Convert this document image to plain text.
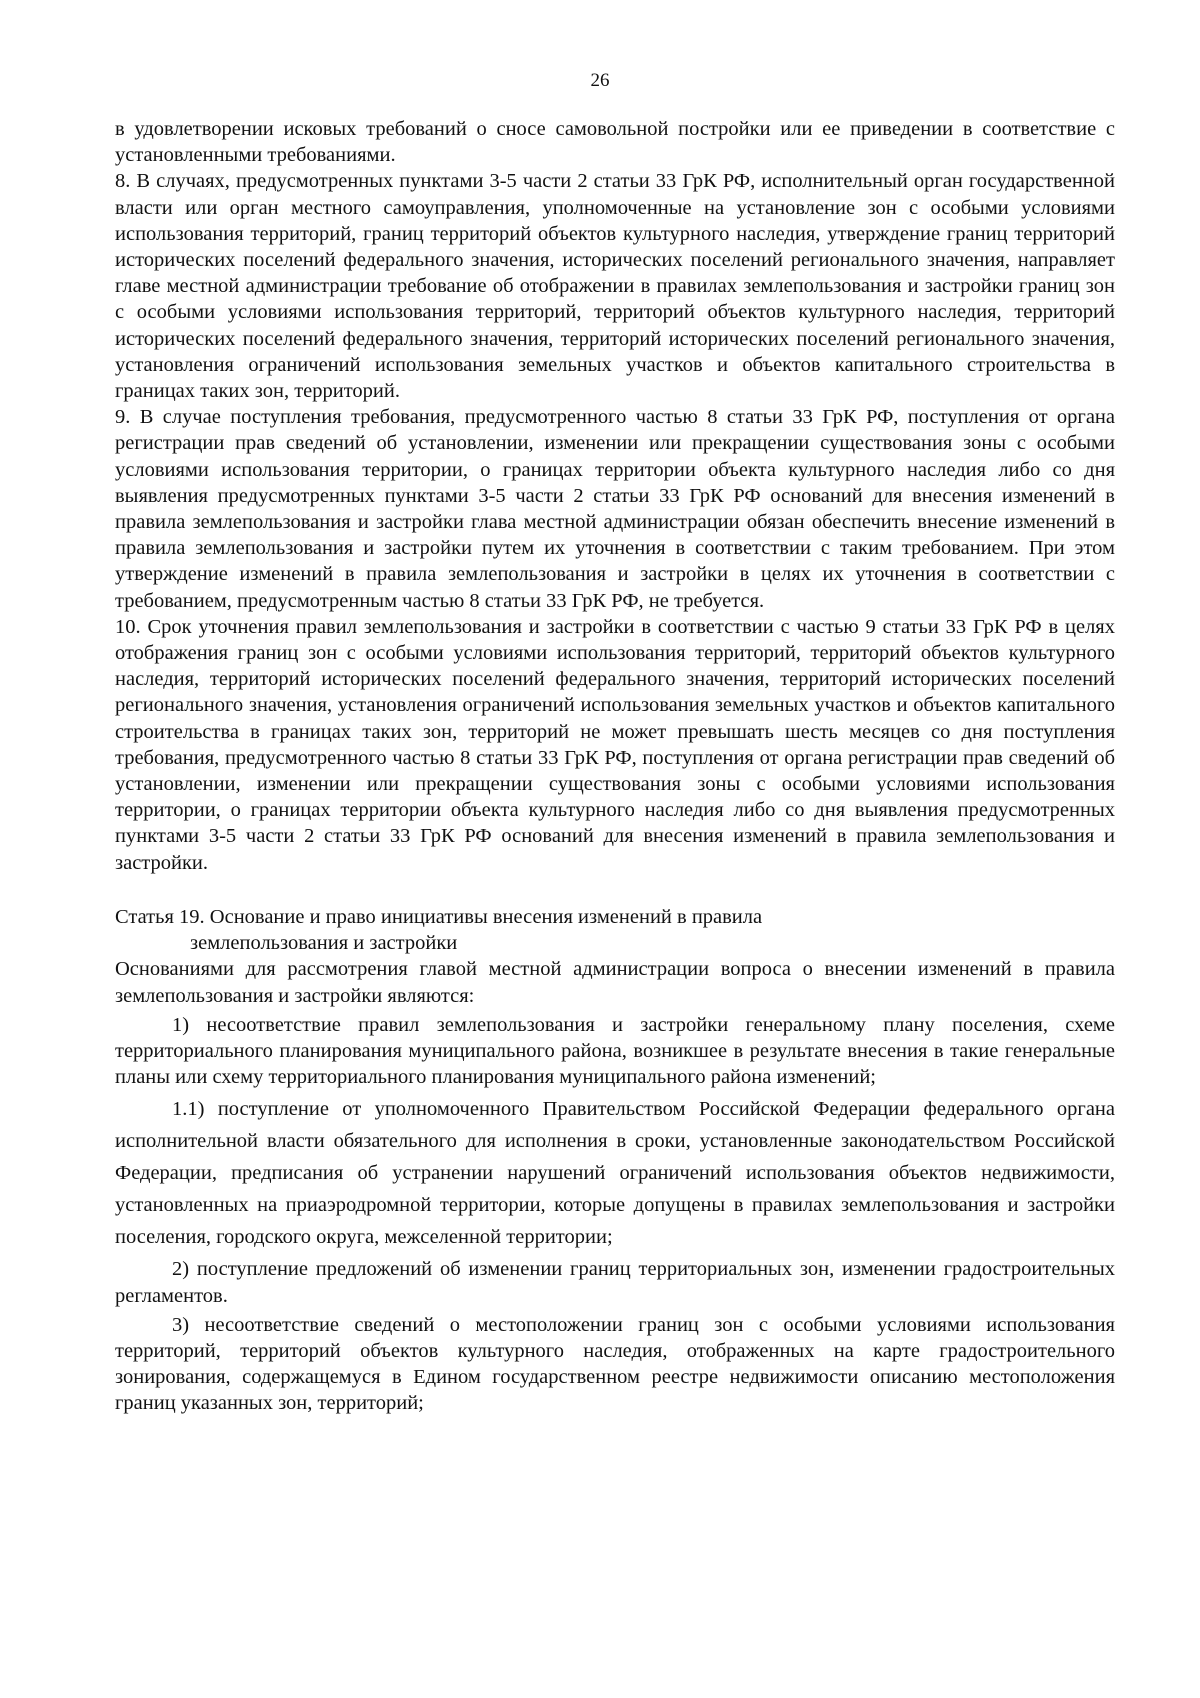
26

в удовлетворении исковых требований о сносе самовольной постройки или ее приведении в соответствие с установленными требованиями.

8. В случаях, предусмотренных пунктами 3-5 части 2 статьи 33 ГрК РФ, исполнительный орган государственной власти или орган местного самоуправления, уполномоченные на установление зон с особыми условиями использования территорий, границ территорий объектов культурного наследия, утверждение границ территорий исторических поселений федерального значения, исторических поселений регионального значения, направляет главе местной администрации требование об отображении в правилах землепользования и застройки границ зон с особыми условиями использования территорий, территорий объектов культурного наследия, территорий исторических поселений федерального значения, территорий исторических поселений регионального значения, установления ограничений использования земельных участков и объектов капитального строительства в границах таких зон, территорий.

9. В случае поступления требования, предусмотренного частью 8 статьи 33 ГрК РФ, поступления от органа регистрации прав сведений об установлении, изменении или прекращении существования зоны с особыми условиями использования территории, о границах территории объекта культурного наследия либо со дня выявления предусмотренных пунктами 3-5 части 2 статьи 33 ГрК РФ оснований для внесения изменений в правила землепользования и застройки глава местной администрации обязан обеспечить внесение изменений в правила землепользования и застройки путем их уточнения в соответствии с таким требованием. При этом утверждение изменений в правила землепользования и застройки в целях их уточнения в соответствии с требованием, предусмотренным частью 8 статьи 33 ГрК РФ, не требуется.

10. Срок уточнения правил землепользования и застройки в соответствии с частью 9 статьи 33 ГрК РФ в целях отображения границ зон с особыми условиями использования территорий, территорий объектов культурного наследия, территорий исторических поселений федерального значения, территорий исторических поселений регионального значения, установления ограничений использования земельных участков и объектов капитального строительства в границах таких зон, территорий не может превышать шесть месяцев со дня поступления требования, предусмотренного частью 8 статьи 33 ГрК РФ, поступления от органа регистрации прав сведений об установлении, изменении или прекращении существования зоны с особыми условиями использования территории, о границах территории объекта культурного наследия либо со дня выявления предусмотренных пунктами 3-5 части 2 статьи 33 ГрК РФ оснований для внесения изменений в правила землепользования и застройки.

Статья 19. Основание и право инициативы внесения изменений в правила
землепользования и застройки

Основаниями для рассмотрения главой местной администрации вопроса о внесении изменений в правила землепользования и застройки являются:

1) несоответствие правил землепользования и застройки генеральному плану поселения, схеме территориального планирования муниципального района, возникшее в результате внесения в такие генеральные планы или схему территориального планирования муниципального района изменений;

1.1) поступление от уполномоченного Правительством Российской Федерации федерального органа исполнительной власти обязательного для исполнения в сроки, установленные законодательством Российской Федерации, предписания об устранении нарушений ограничений использования объектов недвижимости, установленных на приаэродромной территории, которые допущены в правилах землепользования и застройки поселения, городского округа, межселенной территории;

2) поступление предложений об изменении границ территориальных зон, изменении градостроительных регламентов.

3) несоответствие сведений о местоположении границ зон с особыми условиями использования территорий, территорий объектов культурного наследия, отображенных на карте градостроительного зонирования, содержащемуся в Едином государственном реестре недвижимости описанию местоположения границ указанных зон, территорий;
